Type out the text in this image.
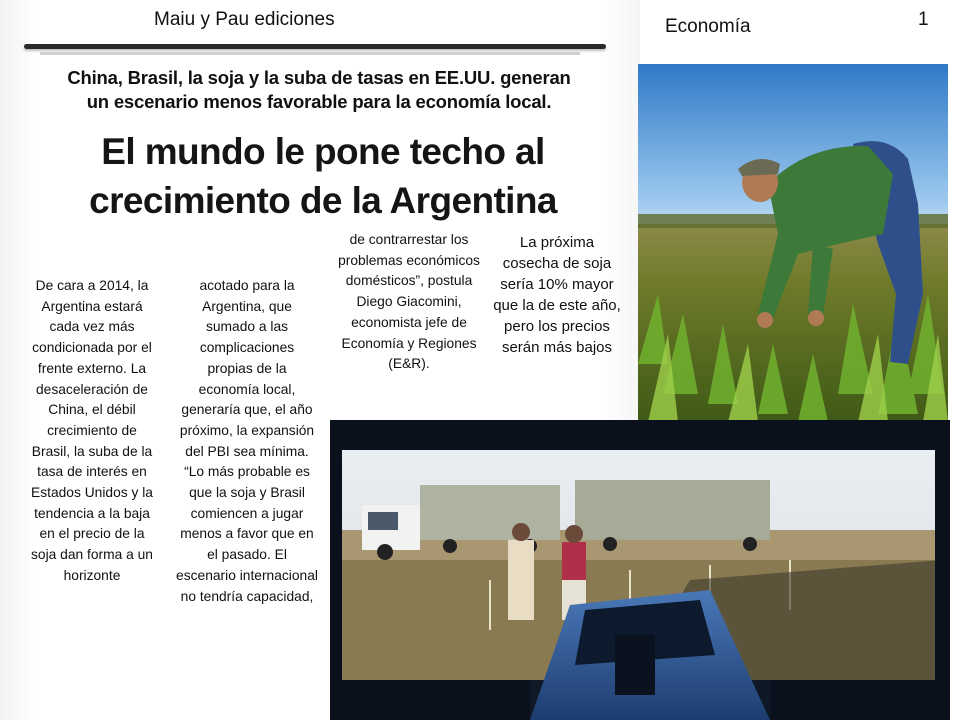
Maiu y Pau ediciones	Economía	1
China, Brasil, la soja y la suba de tasas en EE.UU. generan
un escenario menos favorable para la economía local.
El mundo le pone techo al
crecimiento de la Argentina
De cara a 2014, la Argentina estará cada vez más condicionada por el frente externo. La desaceleración de China, el débil crecimiento de Brasil, la suba de la tasa de interés en Estados Unidos y la tendencia a la baja en el precio de la soja dan forma a un horizonte
acotado para la Argentina, que sumado a las complicaciones propias de la economía local, generaría que, el año próximo, la expansión del PBI sea mínima. “Lo más probable es que la soja y Brasil comiencen a jugar menos a favor que en el pasado. El escenario internacional no tendría capacidad,
de contrarrestar los problemas económicos domésticos”, postula Diego Giacomini, economista jefe de Economía y Regiones (E&R).
La próxima cosecha de soja sería 10% mayor que la de este año, pero los precios serán más bajos
